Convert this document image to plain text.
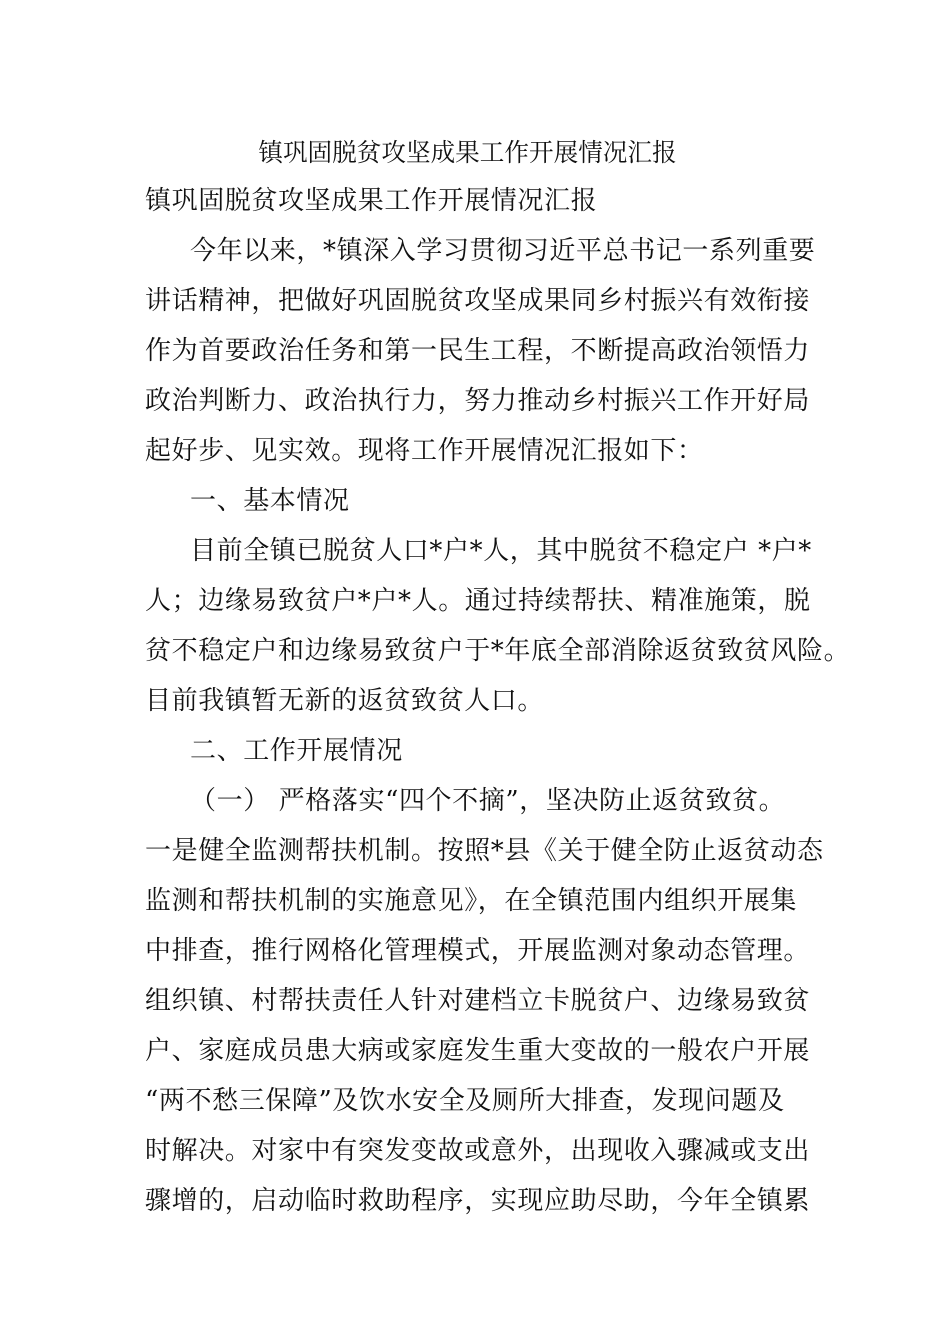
镇巩固脱贫攻坚成果工作开展情况汇报
镇巩固脱贫攻坚成果工作开展情况汇报
今年以来，*镇深入学习贯彻习近平总书记一系列重要
讲话精神，把做好巩固脱贫攻坚成果同乡村振兴有效衔接
作为首要政治任务和第一民生工程，不断提高政治领悟力
政治判断力、政治执行力，努力推动乡村振兴工作开好局
起好步、见实效。现将工作开展情况汇报如下：
一、基本情况
目前全镇已脱贫人口*户*人，其中脱贫不稳定户 *户*
人；边缘易致贫户*户*人。通过持续帮扶、精准施策，脱
贫不稳定户和边缘易致贫户于*年底全部消除返贫致贫风险。
目前我镇暂无新的返贫致贫人口。
二、工作开展情况
（一） 严格落实“四个不摘”，坚决防止返贫致贫。
一是健全监测帮扶机制。按照*县《关于健全防止返贫动态
监测和帮扶机制的实施意见》，在全镇范围内组织开展集
中排查，推行网格化管理模式，开展监测对象动态管理。
组织镇、村帮扶责任人针对建档立卡脱贫户、边缘易致贫
户、家庭成员患大病或家庭发生重大变故的一般农户开展
“两不愁三保障”及饮水安全及厕所大排查，发现问题及
时解决。对家中有突发变故或意外，出现收入骤减或支出
骤增的，启动临时救助程序，实现应助尽助，今年全镇累
